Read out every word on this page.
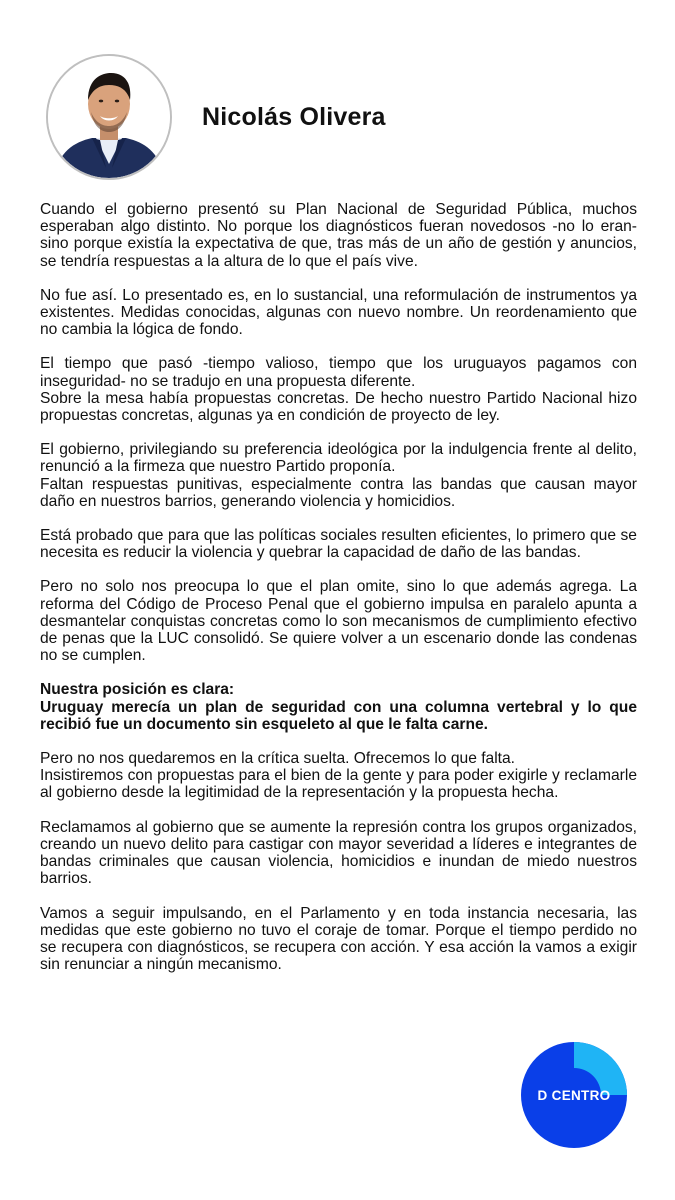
Nicolás Olivera
Cuando el gobierno presentó su Plan Nacional de Seguridad Pública, muchos esperaban algo distinto. No porque los diagnósticos fueran novedosos -no lo eran- sino porque existía la expectativa de que, tras más de un año de gestión y anuncios, se tendría respuestas a la altura de lo que el país vive.
No fue así. Lo presentado es, en lo sustancial, una reformulación de instrumentos ya existentes. Medidas conocidas, algunas con nuevo nombre. Un reordenamiento que no cambia la lógica de fondo.
El tiempo que pasó -tiempo valioso, tiempo que los uruguayos pagamos con inseguridad- no se tradujo en una propuesta diferente.
Sobre la mesa había propuestas concretas. De hecho nuestro Partido Nacional hizo propuestas concretas, algunas ya en condición de proyecto de ley.
El gobierno, privilegiando su preferencia ideológica por la indulgencia frente al delito, renunció a la firmeza que nuestro Partido proponía.
Faltan respuestas punitivas, especialmente contra las bandas que causan mayor daño en nuestros barrios, generando violencia y homicidios.
Está probado que para que las políticas sociales resulten eficientes, lo primero que se necesita es reducir la violencia y quebrar la capacidad de daño de las bandas.
Pero no solo nos preocupa lo que el plan omite, sino lo que además agrega. La reforma del Código de Proceso Penal que el gobierno impulsa en paralelo apunta a desmantelar conquistas concretas como lo son mecanismos de cumplimiento efectivo de penas que la LUC consolidó. Se quiere volver a un escenario donde las condenas no se cumplen.
Nuestra posición es clara:
Uruguay merecía un plan de seguridad con una columna vertebral y lo que recibió fue un documento sin esqueleto al que le falta carne.
Pero no nos quedaremos en la crítica suelta. Ofrecemos lo que falta.
Insistiremos con propuestas para el bien de la gente y para poder exigirle y reclamarle al gobierno desde la legitimidad de la representación y la propuesta hecha.
Reclamamos al gobierno que se aumente la represión contra los grupos organizados, creando un nuevo delito para castigar con mayor severidad a líderes e integrantes de bandas criminales que causan violencia, homicidios e inundan de miedo nuestros barrios.
Vamos a seguir impulsando, en el Parlamento y en toda instancia necesaria, las medidas que este gobierno no tuvo el coraje de tomar. Porque el tiempo perdido no se recupera con diagnósticos, se recupera con acción. Y esa acción la vamos a exigir sin renunciar a ningún mecanismo.
D CENTRO
